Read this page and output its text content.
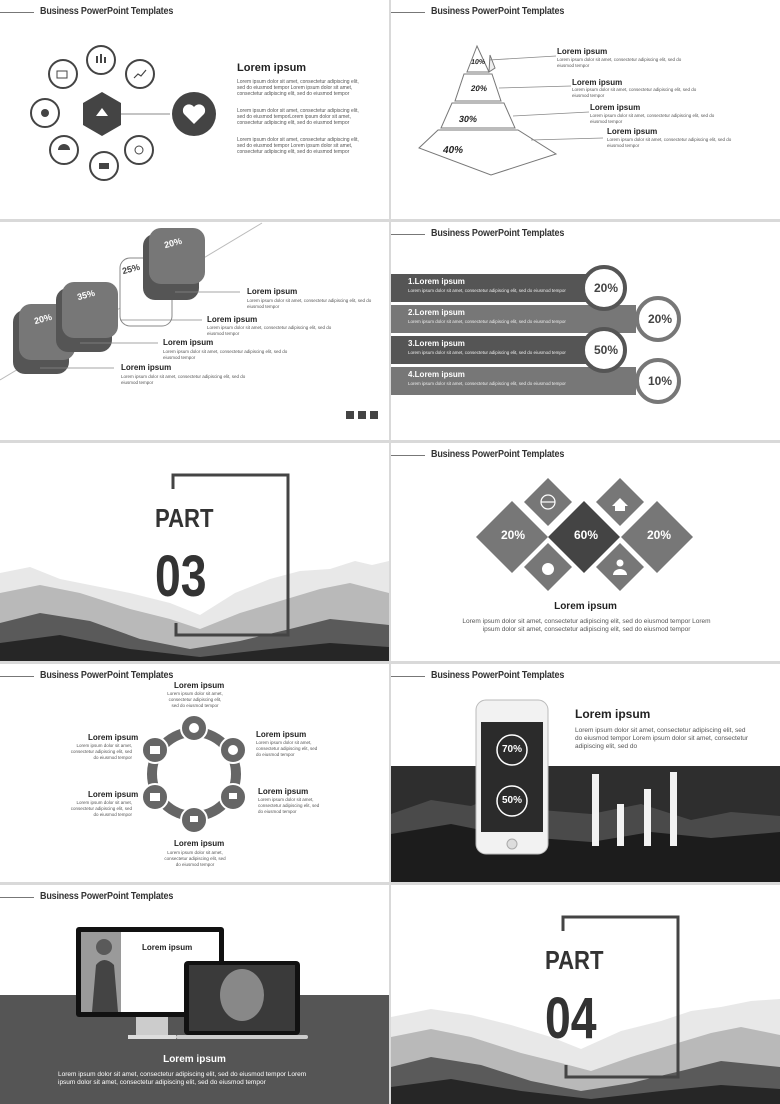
Business PowerPoint Templates
Lorem ipsum
Lorem ipsum dolor sit amet, consectetur adipiscing elit, sed do eiusmod tempor Lorem ipsum dolor sit amet, consectetur adipiscing elit, sed do eiusmod tempor
Lorem ipsum dolor sit amet, consectetur adipiscing elit, sed do eiusmod temporLorem ipsum dolor sit amet, consectetur adipiscing elit, sed do eiusmod tempor
Lorem ipsum dolor sit amet, consectetur adipiscing elit, sed do eiusmod tempor Lorem ipsum dolor sit amet, consectetur adipiscing elit, sed do eiusmod tempor
Business PowerPoint Templates
10%
20%
30%
40%
Lorem ipsum
Lorem ipsum dolor sit amet, consectetur adipiscing elit, sed do eiusmod tempor
Lorem ipsum
Lorem ipsum dolor sit amet, consectetur adipiscing elit, sed do eiusmod tempor
Lorem ipsum
Lorem ipsum dolor sit amet, consectetur adipiscing elit, sed do eiusmod tempor
Lorem ipsum
Lorem ipsum dolor sit amet, consectetur adipiscing elit, sed do eiusmod tempor
20%
35%
25%
20%
Lorem ipsum
Lorem ipsum dolor sit amet, consectetur adipiscing elit, sed do eiusmod tempor
Lorem ipsum
Lorem ipsum dolor sit amet, consectetur adipiscing elit, sed do eiusmod tempor
Lorem ipsum
Lorem ipsum dolor sit amet, consectetur adipiscing elit, sed do eiusmod tempor
Lorem ipsum
Lorem ipsum dolor sit amet, consectetur adipiscing elit, sed do eiusmod tempor
Business PowerPoint Templates
1.Lorem ipsum
Lorem ipsum dolor sit amet, consectetur adipiscing elit, sed do eiusmod tempor
2.Lorem ipsum
Lorem ipsum dolor sit amet, consectetur adipiscing elit, sed do eiusmod tempor
3.Lorem ipsum
Lorem ipsum dolor sit amet, consectetur adipiscing elit, sed do eiusmod tempor
4.Lorem ipsum
Lorem ipsum dolor sit amet, consectetur adipiscing elit, sed do eiusmod tempor
20%
20%
50%
10%
PART
03
Business PowerPoint Templates
20%	60%	20%
Lorem ipsum
Lorem ipsum dolor sit amet, consectetur adipiscing elit, sed do eiusmod tempor Lorem
ipsum dolor sit amet, consectetur adipiscing elit, sed do eiusmod tempor
Business PowerPoint Templates
Lorem ipsum
Lorem ipsum dolor sit amet, consectetur adipiscing elit, sed do eiusmod tempor
Lorem ipsum
Lorem ipsum dolor sit amet, consectetur adipiscing elit, sed do eiusmod tempor
Lorem ipsum
Lorem ipsum dolor sit amet, consectetur adipiscing elit, sed do eiusmod tempor
Lorem ipsum
Lorem ipsum dolor sit amet, consectetur adipiscing elit, sed do eiusmod tempor
Lorem ipsum
Lorem ipsum dolor sit amet, consectetur adipiscing elit, sed do eiusmod tempor
Lorem ipsum
Lorem ipsum dolor sit amet, consectetur adipiscing elit, sed do eiusmod tempor
Business PowerPoint Templates
70%
50%
Lorem ipsum
Lorem ipsum dolor sit amet, consectetur adipiscing elit, sed do eiusmod tempor Lorem ipsum dolor sit amet, consectetur adipiscing elit, sed do
Business PowerPoint Templates
Lorem ipsum
Lorem ipsum
Lorem ipsum dolor sit amet, consectetur adipiscing elit, sed do eiusmod tempor Lorem
ipsum dolor sit amet, consectetur adipiscing elit, sed do eiusmod tempor
PART
04
